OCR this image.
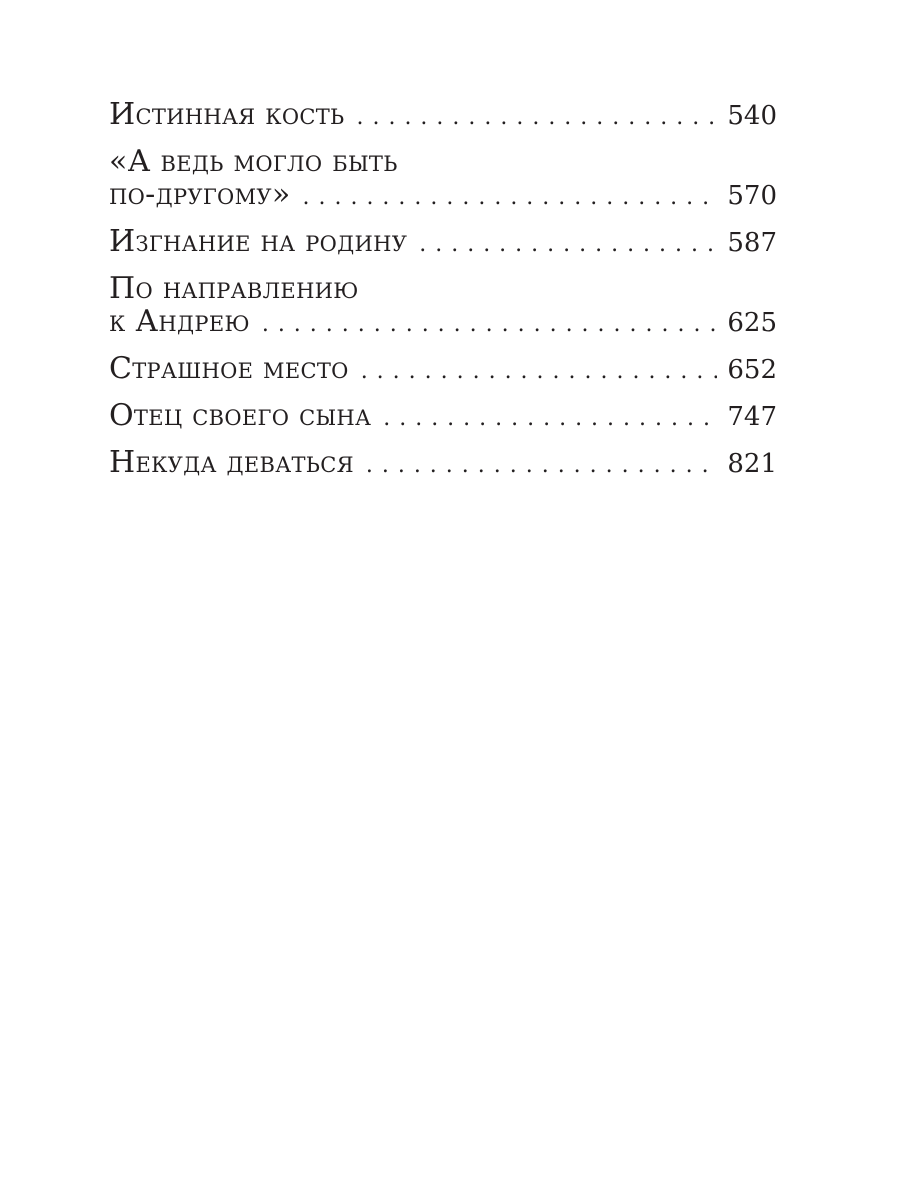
Истинная кость . . .	540
«А ведь могло быть
по-другому» . . .	570
Изгнание на родину . . .	587
По направлению
к Андрею . . .	625
Страшное место . . .	652
Отец своего сына . . .	747
Некуда деваться . . .	821
